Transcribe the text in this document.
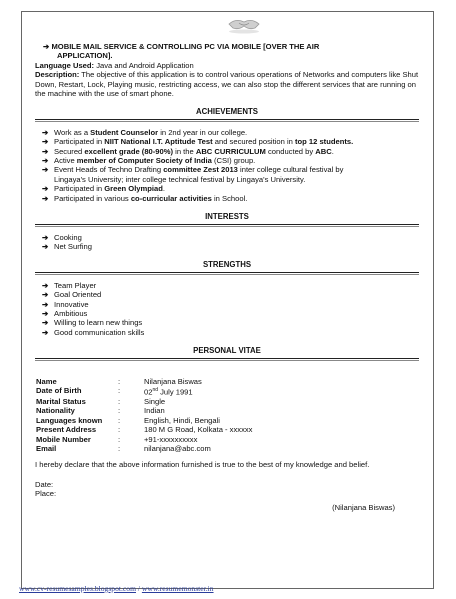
➔ MOBILE MAIL SERVICE & CONTROLLING PC VIA MOBILE [OVER THE AIR
APPLICATION].

Language Used: Java and Android Application

Description: The objective of this application is to control various operations of Networks and computers like Shut Down, Restart, Lock, Playing music, restricting access, we can also stop the different services that are running on the machine with the use of smart phone.

ACHIEVEMENTS
➔ Work as a Student Counselor in 2nd year in our college.
➔ Participated in NIIT National I.T. Aptitude Test and secured position in top 12 students.
➔ Secured excellent grade (80-90%) in the ABC CURRICULUM conducted by ABC.
➔ Active member of Computer Society of India (CSI) group.
➔ Event Heads of Techno Drafting committee Zest 2013 inter college cultural festival by
Lingaya's University; inter college technical festival by Lingaya's University.
➔ Participated in Green Olympiad.
➔ Participated in various co-curricular activities in School.
INTERESTS
➔ Cooking
➔ Net Surfing
STRENGTHS
➔ Team Player
➔ Goal Oriented
➔ Innovative
➔ Ambitious
➔ Willing to learn new things
➔ Good communication skills
PERSONAL VITAE
Name	:	Nilanjana Biswas
Date of Birth	:	02nd July 1991
Marital Status	:	Single
Nationality	:	Indian
Languages known	:	English, Hindi, Bengali
Present Address	:	180 M G Road, Kolkata - xxxxxx
Mobile Number	:	+91-xxxxxxxxxx
Email	:	nilanjana@abc.com

I hereby declare that the above information furnished is true to the best of my knowledge and belief.

Date:

Place:

(Nilanjana Biswas)

www.cv-resumesamples.blogspot.com / www.resumemonster.in
